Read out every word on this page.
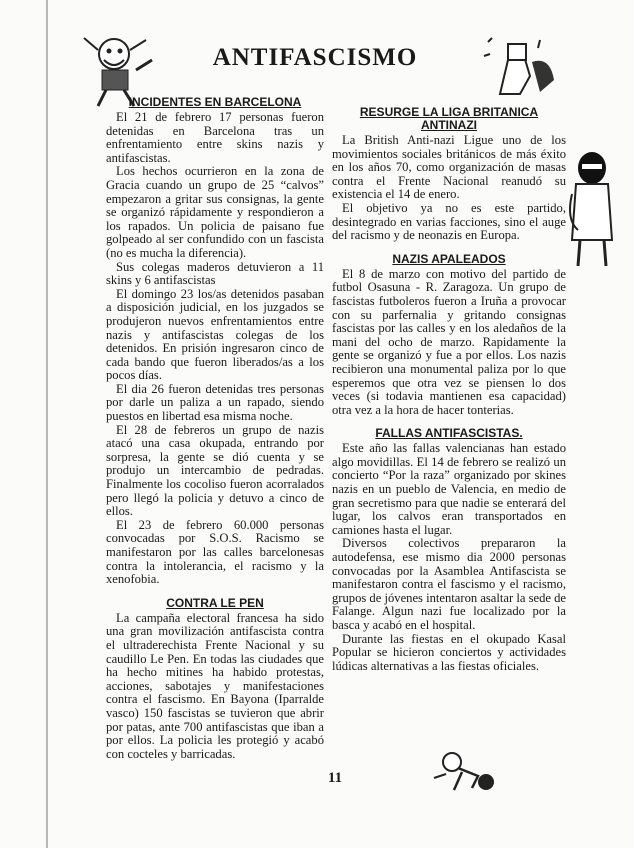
ANTIFASCISMO
INCIDENTES EN BARCELONA

El 21 de febrero 17 personas fueron detenidas en Barcelona tras un enfrentamiento entre skins nazis y antifascistas.

Los hechos ocurrieron en la zona de Gracia cuando un grupo de 25 “calvos” empezaron a gritar sus consignas, la gente se organizó rápidamente y respondieron a los rapados. Un policia de paisano fue golpeado al ser confundido con un fascista (no es mucha la diferencia).

Sus colegas maderos detuvieron a 11 skins y 6 antifascistas

El domingo 23 los/as detenidos pasaban a disposición judicial, en los juzgados se produjeron nuevos enfrentamientos entre nazis y antifascistas colegas de los detenidos. En prisión ingresaron cinco de cada bando que fueron liberados/as a los pocos días.

El dia 26 fueron detenidas tres personas por darle un paliza a un rapado, siendo puestos en libertad esa misma noche.

El 28 de febreros un grupo de nazis atacó una casa okupada, entrando por sorpresa, la gente se dió cuenta y se produjo un intercambio de pedradas. Finalmente los cocoliso fueron acorralados pero llegó la policia y detuvo a cinco de ellos.

El 23 de febrero 60.000 personas convocadas por S.O.S. Racismo se manifestaron por las calles barcelonesas contra la intolerancia, el racismo y la xenofobia.

CONTRA LE PEN

La campaña electoral francesa ha sido una gran movilización antifascista contra el ultraderechista Frente Nacional y su caudillo Le Pen. En todas las ciudades que ha hecho mitines ha habido protestas, acciones, sabotajes y manifestaciones contra el fascismo. En Bayona (Iparralde vasco) 150 fascistas se tuvieron que abrir por patas, ante 700 antifascistas que iban a por ellos. La policia les protegió y acabó con cocteles y barricadas.

RESURGE LA LIGA BRITANICA ANTINAZI

La British Anti-nazi Ligue uno de los movimientos sociales británicos de más éxito en los años 70, como organización de masas contra el Frente Nacional reanudó su existencia el 14 de enero.

El objetivo ya no es este partido, desintegrado en varias facciones, sino el auge del racismo y de neonazis en Europa.

NAZIS APALEADOS

El 8 de marzo con motivo del partido de futbol Osasuna - R. Zaragoza. Un grupo de fascistas futboleros fueron a Iruña a provocar con su parfernalia y gritando consignas fascistas por las calles y en los aledaños de la mani del ocho de marzo. Rapidamente la gente se organizó y fue a por ellos. Los nazis recibieron una monumental paliza por lo que esperemos que otra vez se piensen lo dos veces (si todavia mantienen esa capacidad) otra vez a la hora de hacer tonterias.

FALLAS ANTIFASCISTAS.

Este año las fallas valencianas han estado algo movidillas. El 14 de febrero se realizó un concierto “Por la raza” organizado por skines nazis en un pueblo de Valencia, en medio de gran secretismo para que nadie se enterará del lugar, los calvos eran transportados en camiones hasta el lugar.

Diversos colectivos prepararon la autodefensa, ese mismo dia 2000 personas convocadas por la Asamblea Antifascista se manifestaron contra el fascismo y el racismo, grupos de jóvenes intentaron asaltar la sede de Falange. Algun nazi fue localizado por la basca y acabó en el hospital.

Durante las fiestas en el okupado Kasal Popular se hicieron conciertos y actividades lúdicas alternativas a las fiestas oficiales.

11
